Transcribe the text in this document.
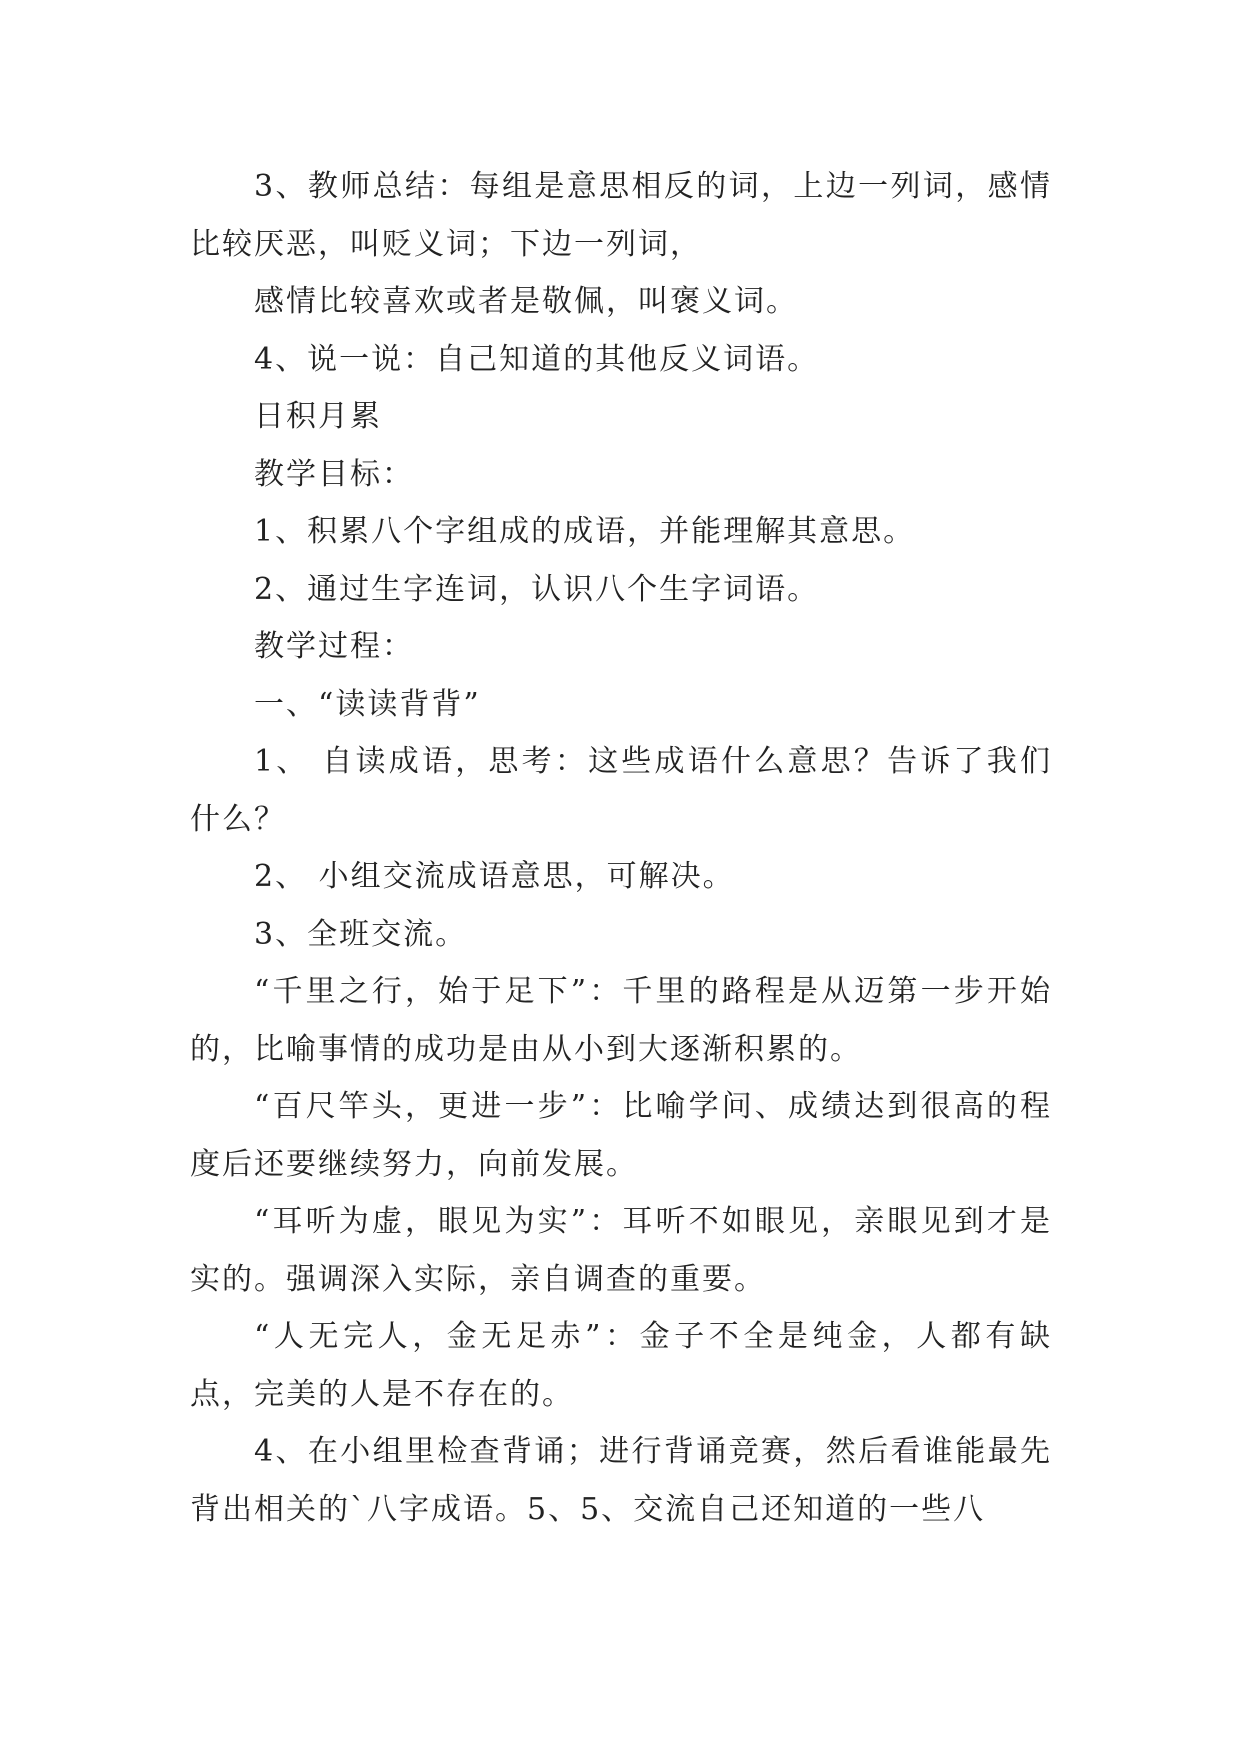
3、教师总结：每组是意思相反的词，上边一列词，感情比较厌恶，叫贬义词；下边一列词，

感情比较喜欢或者是敬佩，叫褒义词。

4、说一说：自己知道的其他反义词语。

日积月累

教学目标：

1、积累八个字组成的成语，并能理解其意思。

2、通过生字连词，认识八个生字词语。

教学过程：

一、“读读背背”

1、 自读成语，思考：这些成语什么意思？告诉了我们什么？

2、 小组交流成语意思，可解决。

3、全班交流。

“千里之行，始于足下”：千里的路程是从迈第一步开始的，比喻事情的成功是由从小到大逐渐积累的。

“百尺竿头，更进一步”：比喻学问、成绩达到很高的程度后还要继续努力，向前发展。

“耳听为虚，眼见为实”：耳听不如眼见，亲眼见到才是实的。强调深入实际，亲自调查的重要。

“人无完人，金无足赤”：金子不全是纯金，人都有缺点，完美的人是不存在的。

4、在小组里检查背诵；进行背诵竞赛，然后看谁能最先背出相关的`八字成语。5、5、交流自己还知道的一些八
